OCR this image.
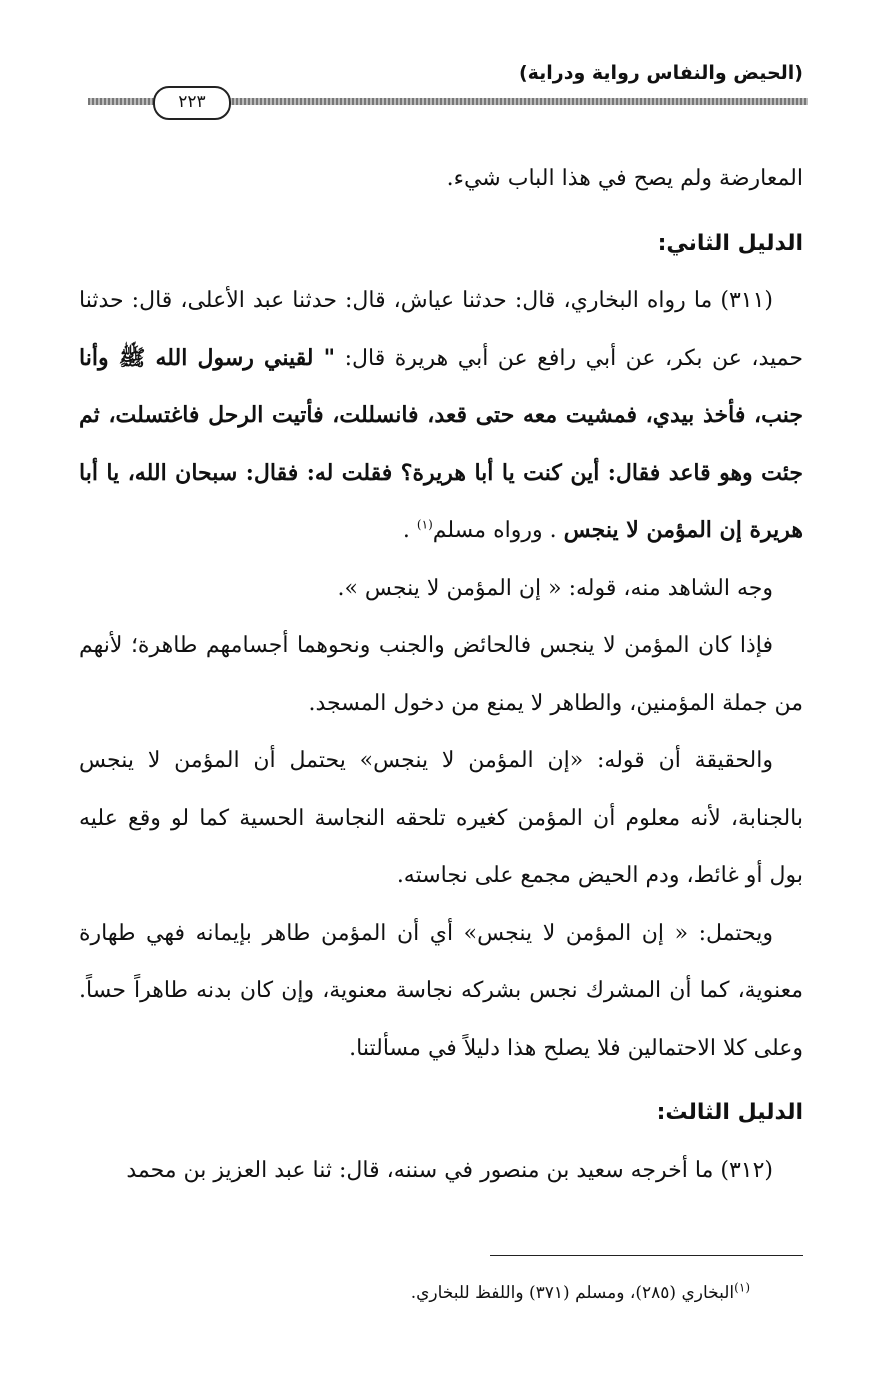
(الحيض والنفاس رواية ودراية)
٢٢٣

المعارضة ولم يصح في هذا الباب شيء.

الدليل الثاني:

(٣١١) ما رواه البخاري، قال: حدثنا عياش، قال: حدثنا عبد الأعلى، قال: حدثنا حميد، عن بكر، عن أبي رافع عن أبي هريرة قال: " لقيني رسول الله ﷺ وأنا جنب، فأخذ بيدي، فمشيت معه حتى قعد، فانسللت، فأتيت الرحل فاغتسلت، ثم جئت وهو قاعد فقال: أين كنت يا أبا هريرة؟ فقلت له: فقال: سبحان الله، يا أبا هريرة إن المؤمن لا ينجس . ورواه مسلم$^{(١)}$ .

وجه الشاهد منه، قوله: « إن المؤمن لا ينجس ».

فإذا كان المؤمن لا ينجس فالحائض والجنب ونحوهما أجسامهم طاهرة؛ لأنهم من جملة المؤمنين، والطاهر لا يمنع من دخول المسجد.

والحقيقة أن قوله: «إن المؤمن لا ينجس» يحتمل أن المؤمن لا ينجس بالجنابة، لأنه معلوم أن المؤمن كغيره تلحقه النجاسة الحسية كما لو وقع عليه بول أو غائط، ودم الحيض مجمع على نجاسته.

ويحتمل: « إن المؤمن لا ينجس» أي أن المؤمن طاهر بإيمانه فهي طهارة معنوية، كما أن المشرك نجس بشركه نجاسة معنوية، وإن كان بدنه طاهراً حساً. وعلى كلا الاحتمالين فلا يصلح هذا دليلاً في مسألتنا.

الدليل الثالث:

(٣١٢) ما أخرجه سعيد بن منصور في سننه، قال: ثنا عبد العزيز بن محمد

$^{(١)}$البخاري (٢٨٥)، ومسلم (٣٧١) واللفظ للبخاري.
